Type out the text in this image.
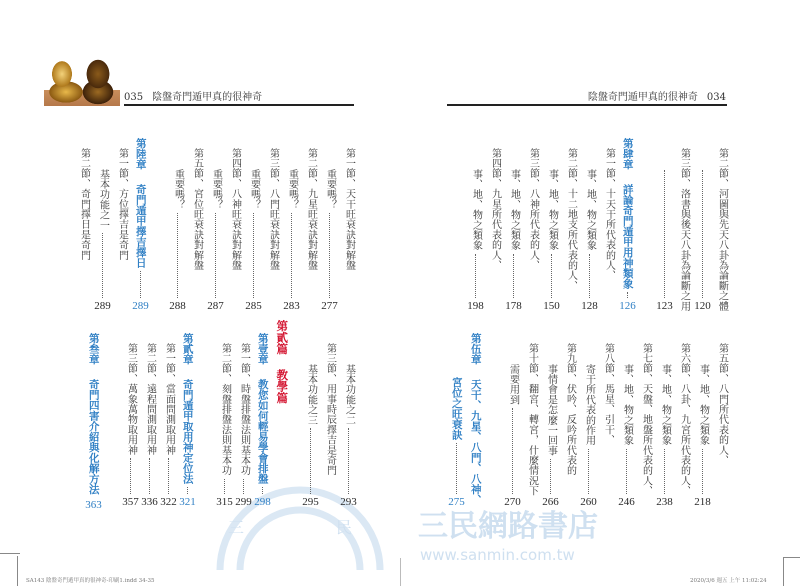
三	民 三民網路書店
www.sanmin.com.tw
035 陰盤奇門遁甲真的很神奇	陰盤奇門遁甲真的很神奇 034
第二節、河圖與先天八卦為論斷之體
120
第三節、洛書與後天八卦為論斷之用
123
第肆章
詳論奇門遁甲用神類象
126
第一節、十天干所代表的人、
事、地、物之類象
128
第二節、十二地支所代表的人、
事、地、物之類象
150
第三節、八神所代表的人、
事、地、物之類象
178
第四節、九星所代表的人、
事、地、物之類象
198
第五節、八門所代表的人、
事、地、物之類象
218
第六節、八卦、九宮所代表的人、
事、地、物之類象
238
第七節、天盤、地盤所代表的人、
事、地、物之類象
246
第八節、馬星、引干、
寄干所代表的作用
260
第九節、伏吟、反吟所代表的
事情會是怎麼一回事
266
第十節、翻宮、轉宮，什麼情況下
需要用到
270
第伍章
天干、九星、八門、八神、
宮位之旺衰訣
275
第一節、天干旺衰訣對解盤
重要嗎？
277
第二節、九星旺衰訣對解盤
重要嗎？
283
第三節、八門旺衰訣對解盤
重要嗎？
285
第四節、八神旺衰訣對解盤
重要嗎？
287
第五節、宮位旺衰訣對解盤
重要嗎？
288
第陸章
奇門遁甲擇吉擇日
289
第一節、方位擇吉是奇門
基本功能之一
289
第二節、奇門擇日是奇門
基本功能之二
293
第三節、用事時辰擇吉是奇門
基本功能之三
295
第貳篇
教學篇
第壹章
教您如何輕易學會排盤
298
第一節、時盤排盤法則基本功
299
第二節、刻盤排盤法則基本功
315
第貳章
奇門遁甲取用神定位法
321
第一節、當面問測取用神
322
第二節、遠程問測取用神
336
第三節、萬象萬物取用神
357
第叁章
奇門四害介紹與化解方法
363
SA143 陰盤奇門遁甲真的很神奇-印刷1.indd 34-35	2020/3/6 週五 上午 11:02:24
